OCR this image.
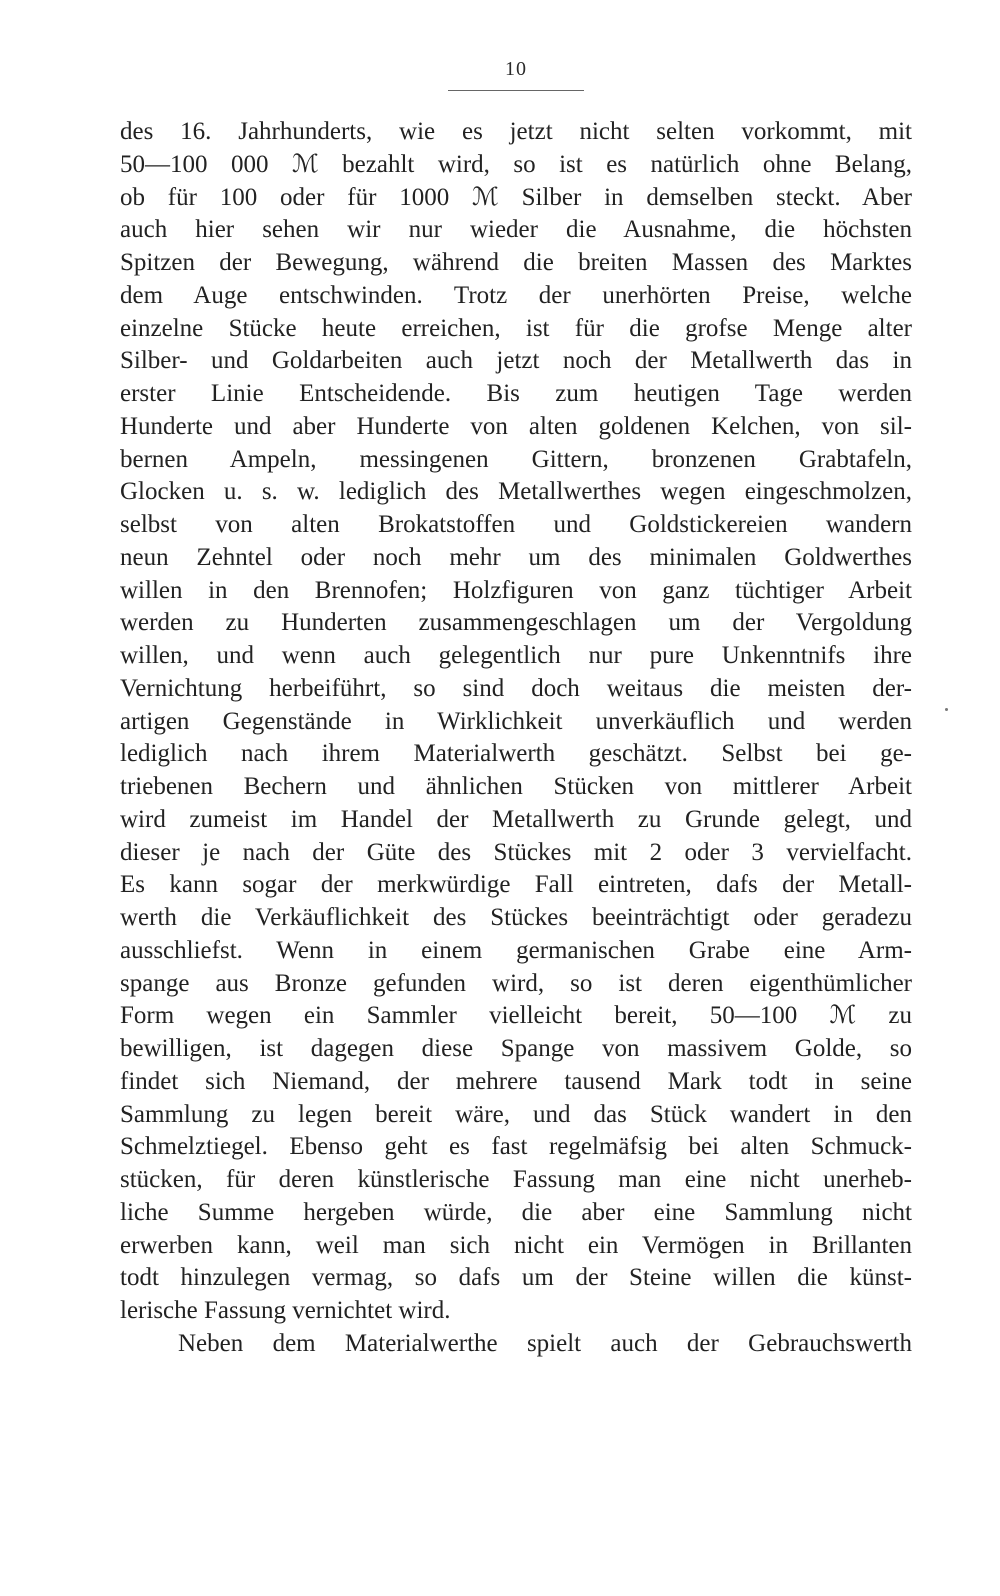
10
des 16. Jahrhunderts, wie es jetzt nicht selten vorkommt, mit
50—100 000 ℳ bezahlt wird, so ist es natürlich ohne Belang,
ob für 100 oder für 1000 ℳ Silber in demselben steckt. Aber
auch hier sehen wir nur wieder die Ausnahme, die höchsten
Spitzen der Bewegung, während die breiten Massen des Marktes
dem Auge entschwinden. Trotz der unerhörten Preise, welche
einzelne Stücke heute erreichen, ist für die grofse Menge alter
Silber- und Goldarbeiten auch jetzt noch der Metallwerth das in
erster Linie Entscheidende. Bis zum heutigen Tage werden
Hunderte und aber Hunderte von alten goldenen Kelchen, von sil-
bernen Ampeln, messingenen Gittern, bronzenen Grabtafeln,
Glocken u. s. w. lediglich des Metallwerthes wegen eingeschmolzen,
selbst von alten Brokatstoffen und Goldstickereien wandern
neun Zehntel oder noch mehr um des minimalen Goldwerthes
willen in den Brennofen; Holzfiguren von ganz tüchtiger Arbeit
werden zu Hunderten zusammengeschlagen um der Vergoldung
willen, und wenn auch gelegentlich nur pure Unkenntnifs ihre
Vernichtung herbeiführt, so sind doch weitaus die meisten der-
artigen Gegenstände in Wirklichkeit unverkäuflich und werden
lediglich nach ihrem Materialwerth geschätzt. Selbst bei ge-
triebenen Bechern und ähnlichen Stücken von mittlerer Arbeit
wird zumeist im Handel der Metallwerth zu Grunde gelegt, und
dieser je nach der Güte des Stückes mit 2 oder 3 vervielfacht.
Es kann sogar der merkwürdige Fall eintreten, dafs der Metall-
werth die Verkäuflichkeit des Stückes beeinträchtigt oder geradezu
ausschliefst. Wenn in einem germanischen Grabe eine Arm-
spange aus Bronze gefunden wird, so ist deren eigenthümlicher
Form wegen ein Sammler vielleicht bereit, 50—100 ℳ zu
bewilligen, ist dagegen diese Spange von massivem Golde, so
findet sich Niemand, der mehrere tausend Mark todt in seine
Sammlung zu legen bereit wäre, und das Stück wandert in den
Schmelztiegel. Ebenso geht es fast regelmäfsig bei alten Schmuck-
stücken, für deren künstlerische Fassung man eine nicht unerheb-
liche Summe hergeben würde, die aber eine Sammlung nicht
erwerben kann, weil man sich nicht ein Vermögen in Brillanten
todt hinzulegen vermag, so dafs um der Steine willen die künst-
lerische Fassung vernichtet wird.
Neben dem Materialwerthe spielt auch der Gebrauchswerth
